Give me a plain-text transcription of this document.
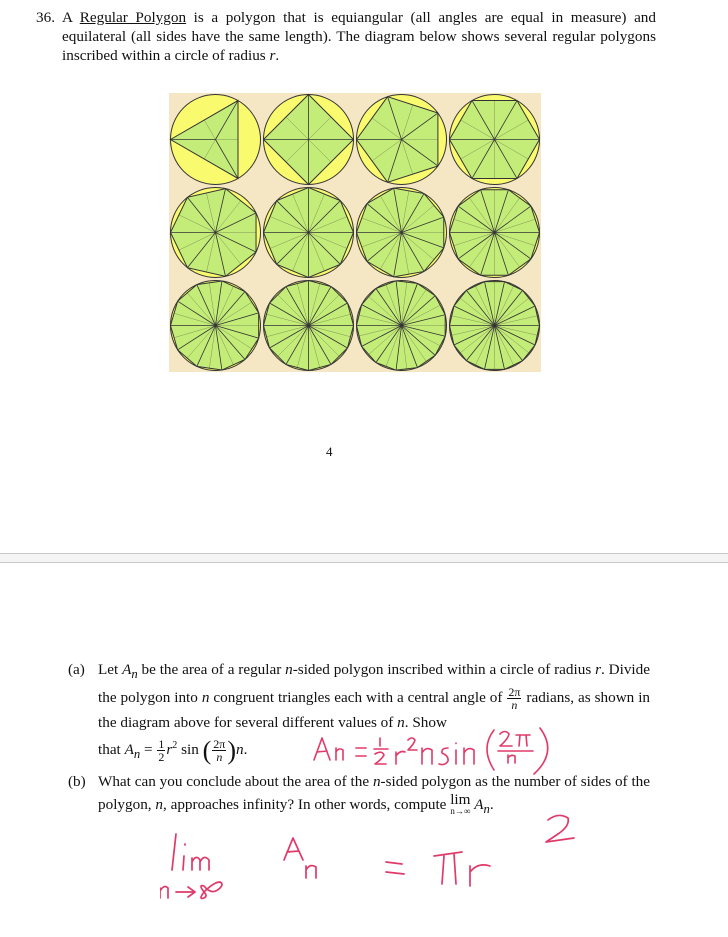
36. A Regular Polygon is a polygon that is equiangular (all angles are equal in measure) and equilateral (all sides have the same length). The diagram below shows several regular polygons inscribed within a circle of radius r.
4
(a) Let $A_n$ be the area of a regular n-sided polygon inscribed within a circle of radius r. Divide the polygon into n congruent triangles each with a central angle of $\frac{2\pi}{n}$ radians, as shown in the diagram above for several different values of n. Show
that $A_n = \frac{1}{2} r^2$ sin ( $\frac{2\pi}{n} )n$.
(b) What can you conclude about the area of the n-sided polygon as the number of sides of the polygon, n, approaches infinity? In other words, compute lim
n→∞ $A_n$.
